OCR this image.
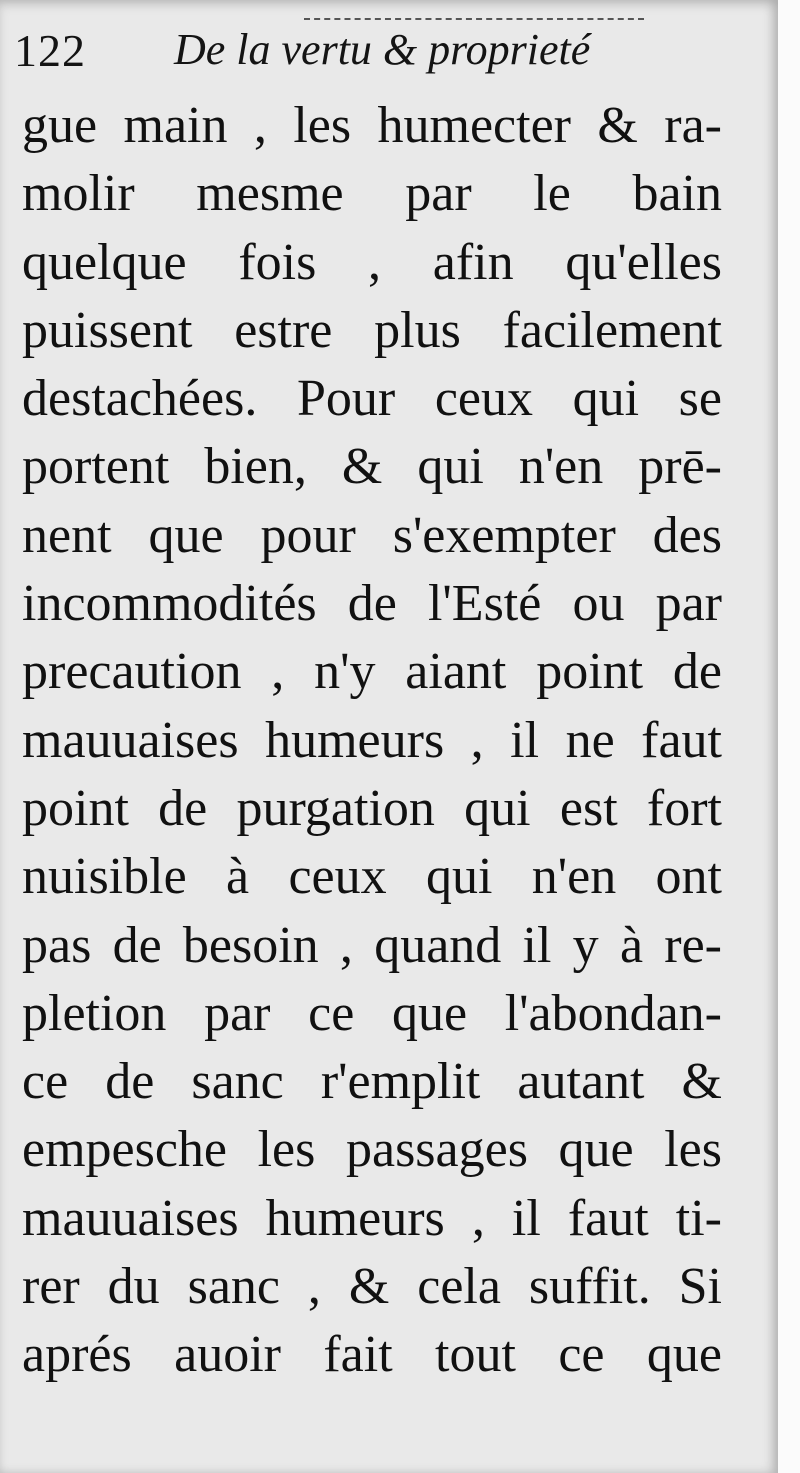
122 De la vertu & proprieté
gue main , les humecter & ra-
molir mesme par le bain
quelque fois , afin qu'elles
puissent estre plus facilement
destachées. Pour ceux qui se
portent bien, & qui n'en prē-
nent que pour s'exempter des
incommodités de l'Esté ou par
precaution , n'y aiant point de
mauuaises humeurs , il ne faut
point de purgation qui est fort
nuisible à ceux qui n'en ont
pas de besoin , quand il y à re-
pletion par ce que l'abondan-
ce de sanc r'emplit autant &
empesche les passages que les
mauuaises humeurs , il faut ti-
rer du sanc , & cela suffit. Si
aprés auoir fait tout ce que
